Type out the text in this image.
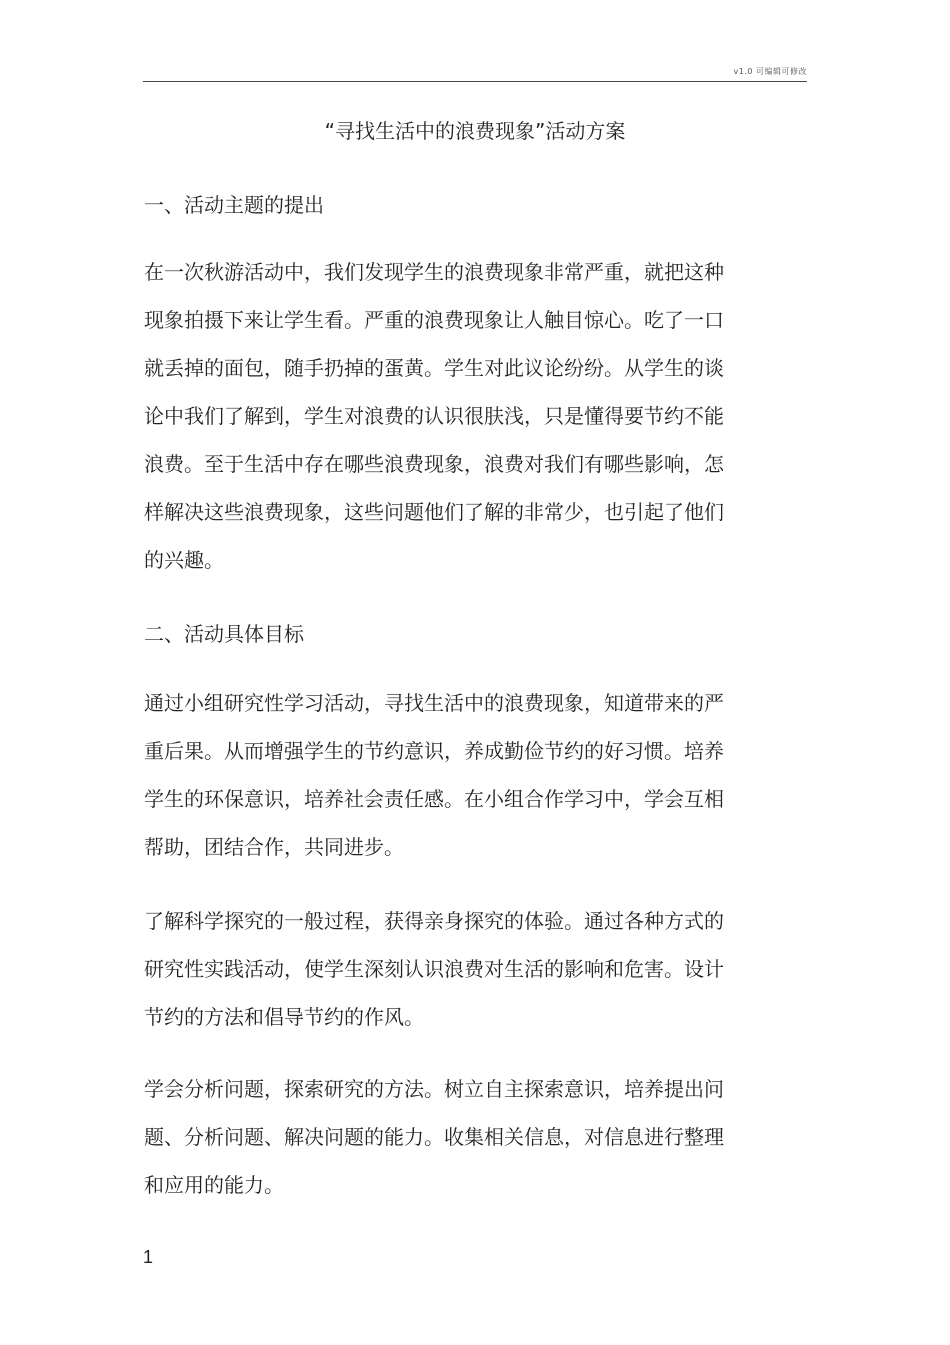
v1.0 可编辑可修改
“寻找生活中的浪费现象”活动方案
一、活动主题的提出

在一次秋游活动中，我们发现学生的浪费现象非常严重，就把这种
现象拍摄下来让学生看。严重的浪费现象让人触目惊心。吃了一口
就丢掉的面包，随手扔掉的蛋黄。学生对此议论纷纷。从学生的谈
论中我们了解到，学生对浪费的认识很肤浅，只是懂得要节约不能
浪费。至于生活中存在哪些浪费现象，浪费对我们有哪些影响，怎
样解决这些浪费现象，这些问题他们了解的非常少，也引起了他们
的兴趣。

二、活动具体目标

通过小组研究性学习活动，寻找生活中的浪费现象，知道带来的严
重后果。从而增强学生的节约意识，养成勤俭节约的好习惯。培养
学生的环保意识，培养社会责任感。在小组合作学习中，学会互相
帮助，团结合作，共同进步。

了解科学探究的一般过程，获得亲身探究的体验。通过各种方式的
研究性实践活动，使学生深刻认识浪费对生活的影响和危害。设计
节约的方法和倡导节约的作风。

学会分析问题，探索研究的方法。树立自主探索意识，培养提出问
题、分析问题、解决问题的能力。收集相关信息，对信息进行整理
和应用的能力。

1
